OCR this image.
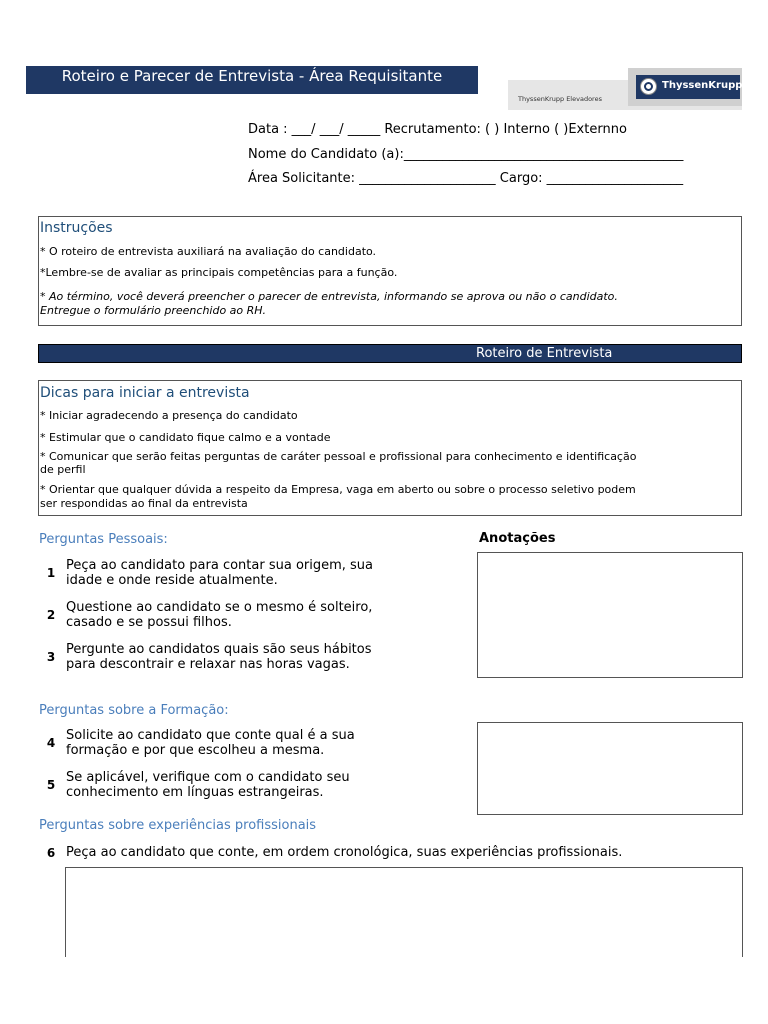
Roteiro e Parecer de Entrevista - Área Requisitante
ThyssenKrupp Elevadores
ThyssenKrupp
Data : ___/ ___/ _____ Recrutamento: ( ) Interno ( )Externno
Nome do Candidato (a):___________________________________________
Área Solicitante: _____________________ Cargo: _____________________
Instruções
* O roteiro de entrevista auxiliará na avaliação do candidato.
*Lembre-se de avaliar as principais competências para a função.
* Ao término, você deverá preencher o parecer de entrevista, informando se aprova ou não o candidato.
Entregue o formulário preenchido ao RH.
Roteiro de Entrevista
Dicas para iniciar a entrevista
* Iniciar agradecendo a presença do candidato
* Estimular que o candidato fique calmo e a vontade
* Comunicar que serão feitas perguntas de caráter pessoal e profissional para conhecimento e identificação
de perfil
* Orientar que qualquer dúvida a respeito da Empresa, vaga em aberto ou sobre o processo seletivo podem
ser respondidas ao final da entrevista
Perguntas Pessoais:	Anotações
1 Peça ao candidato para contar sua origem, sua
idade e onde reside atualmente.
2 Questione ao candidato se o mesmo é solteiro,
casado e se possui filhos.
3 Pergunte ao candidatos quais são seus hábitos
para descontrair e relaxar nas horas vagas.
Perguntas sobre a Formação:
4 Solicite ao candidato que conte qual é a sua
formação e por que escolheu a mesma.
5 Se aplicável, verifique com o candidato seu
conhecimento em línguas estrangeiras.
Perguntas sobre experiências profissionais
6 Peça ao candidato que conte, em ordem cronológica, suas experiências profissionais.
